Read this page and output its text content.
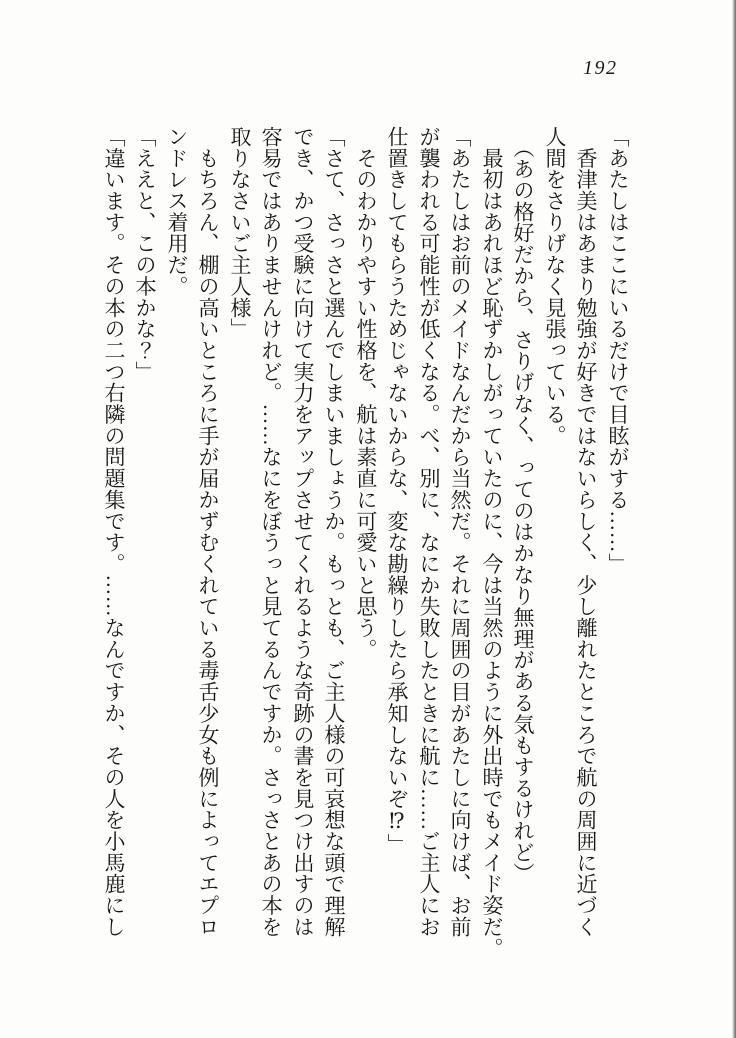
192
「あたしはここにいるだけで目眩がする……」
　香津美はあまり勉強が好きではないらしく、少し離れたところで航の周囲に近づく
人間をさりげなく見張っている。
　（あの格好だから、さりげなく、ってのはかなり無理がある気もするけれど）
　最初はあれほど恥ずかしがっていたのに、今は当然のように外出時でもメイド姿だ。
「あたしはお前のメイドなんだから当然だ。それに周囲の目があたしに向けば、お前
が襲われる可能性が低くなる。べ、別に、なにか失敗したときに航に……ご主人にお
仕置きしてもらうためじゃないからな、変な勘繰りしたら承知しないぞ⁉」
　そのわかりやすい性格を、航は素直に可愛いと思う。
「さて、さっさと選んでしまいましょうか。もっとも、ご主人様の可哀想な頭で理解
でき、かつ受験に向けて実力をアップさせてくれるような奇跡の書を見つけ出すのは
容易ではありませんけれど。……なにをぼうっと見てるんですか。さっさとあの本を
取りなさいご主人様」
　もちろん、棚の高いところに手が届かずむくれている毒舌少女も例によってエプロ
ンドレス着用だ。
「ええと、この本かな？」
「違います。その本の二つ右隣の問題集です。……なんですか、その人を小馬鹿にし
